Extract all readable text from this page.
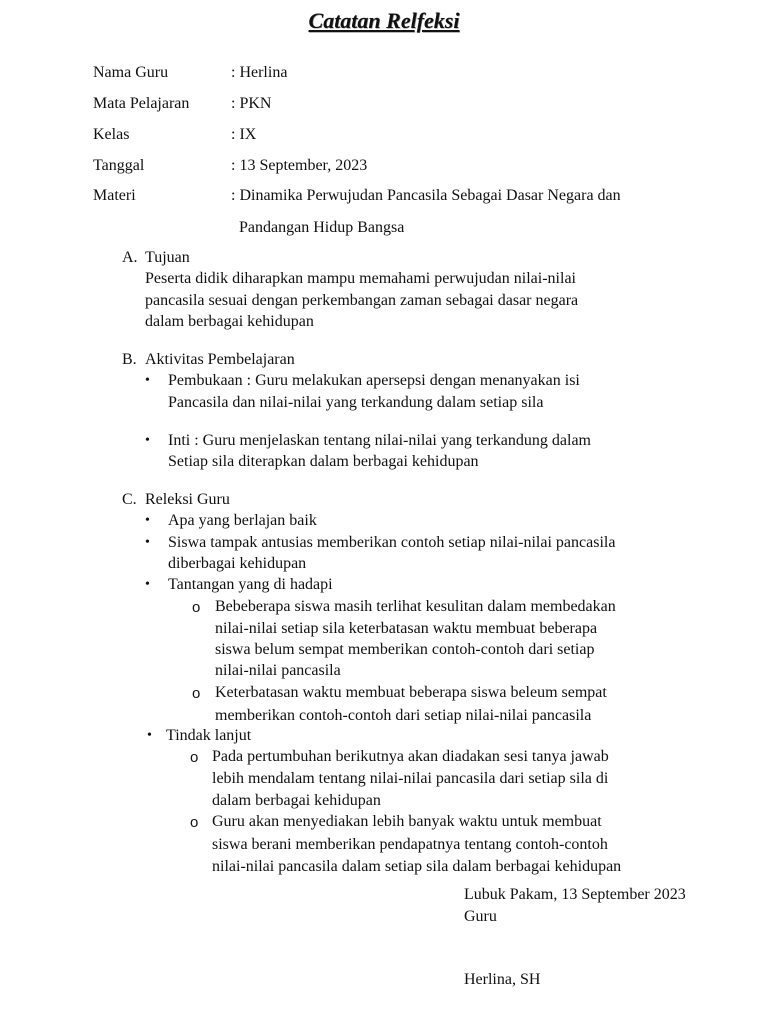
Catatan Relfeksi
Nama Guru	: Herlina
Mata Pelajaran	: PKN
Kelas	: IX
Tanggal	: 13 September, 2023
Materi	: Dinamika Perwujudan Pancasila Sebagai Dasar Negara dan
Pandangan Hidup Bangsa
A. Tujuan
Peserta didik diharapkan mampu memahami perwujudan nilai-nilai
pancasila sesuai dengan perkembangan zaman sebagai dasar negara
dalam berbagai kehidupan
B. Aktivitas Pembelajaran
• Pembukaan : Guru melakukan apersepsi dengan menanyakan isi
Pancasila dan nilai-nilai yang terkandung dalam setiap sila
• Inti : Guru menjelaskan tentang nilai-nilai yang terkandung dalam
Setiap sila diterapkan dalam berbagai kehidupan
C. Releksi Guru
• Apa yang berlajan baik
• Siswa tampak antusias memberikan contoh setiap nilai-nilai pancasila
diberbagai kehidupan
• Tantangan yang di hadapi
o Bebeberapa siswa masih terlihat kesulitan dalam membedakan
nilai-nilai setiap sila keterbatasan waktu membuat beberapa
siswa belum sempat memberikan contoh-contoh dari setiap
nilai-nilai pancasila
o Keterbatasan waktu membuat beberapa siswa beleum sempat
memberikan contoh-contoh dari setiap nilai-nilai pancasila
• Tindak lanjut
o Pada pertumbuhan berikutnya akan diadakan sesi tanya jawab
lebih mendalam tentang nilai-nilai pancasila dari setiap sila di
dalam berbagai kehidupan
o Guru akan menyediakan lebih banyak waktu untuk membuat
siswa berani memberikan pendapatnya tentang contoh-contoh
nilai-nilai pancasila dalam setiap sila dalam berbagai kehidupan
Lubuk Pakam, 13 September 2023
Guru
Herlina, SH
